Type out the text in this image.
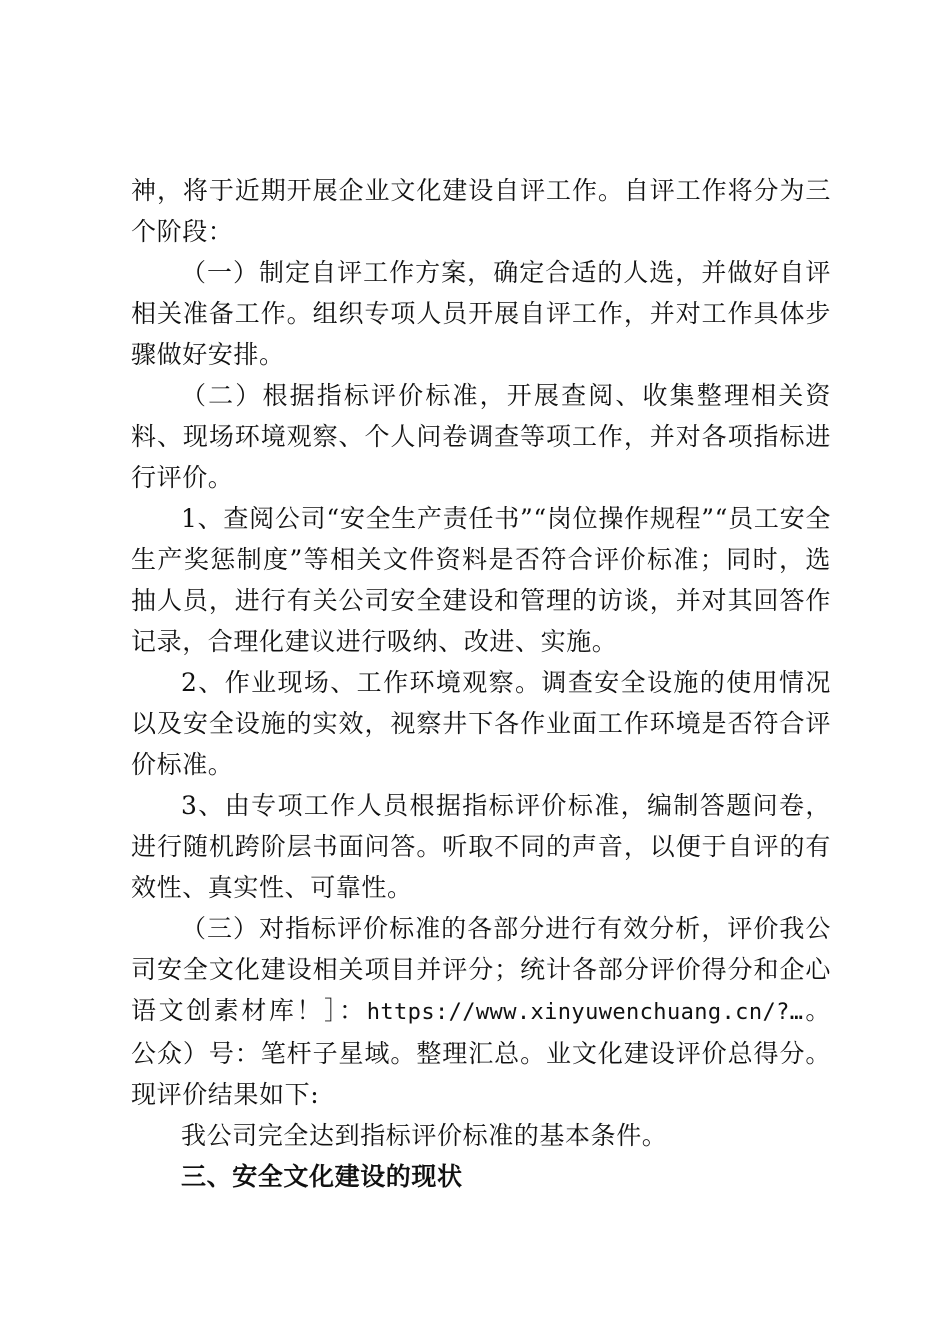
神，将于近期开展企业文化建设自评工作。自评工作将分为三个阶段：

（一）制定自评工作方案，确定合适的人选，并做好自评相关准备工作。组织专项人员开展自评工作，并对工作具体步骤做好安排。

（二）根据指标评价标准，开展查阅、收集整理相关资料、现场环境观察、个人问卷调查等项工作，并对各项指标进行评价。

1、查阅公司“安全生产责任书”“岗位操作规程”“员工安全生产奖惩制度”等相关文件资料是否符合评价标准；同时，选抽人员，进行有关公司安全建设和管理的访谈，并对其回答作记录，合理化建议进行吸纳、改进、实施。

2、作业现场、工作环境观察。调查安全设施的使用情况以及安全设施的实效，视察井下各作业面工作环境是否符合评价标准。

3、由专项工作人员根据指标评价标准，编制答题问卷，进行随机跨阶层书面问答。听取不同的声音，以便于自评的有效性、真实性、可靠性。

（三）对指标评价标准的各部分进行有效分析，评价我公司安全文化建设相关项目并评分；统计各部分评价得分和企心语文创素材库！］：https://www.xinyuwenchuang.cn/?…。公众）号：笔杆子星域。整理汇总。业文化建设评价总得分。现评价结果如下:

我公司完全达到指标评价标准的基本条件。

三、安全文化建设的现状
